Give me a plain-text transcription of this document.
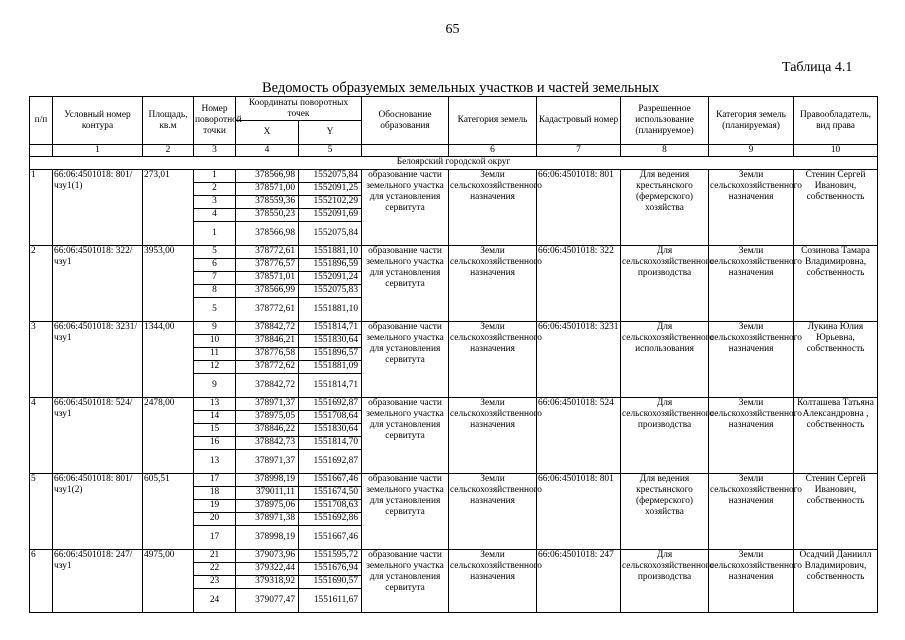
65
Таблица 4.1
Ведомость образуемых земельных участков и частей земельных
п/п	Условный номер контура	Площадь, кв.м	Номер поворотной точки	Координаты поворотных точек		Обоснование образования	Категория земель	Кадастровый номер	Разрешенное использование (планируемое)	Категория земель (планируемая)	Правообладатель, вид права
				X	Y						
	1	2	3	4	5		6	7	8	9	10
Белоярский городской округ											
1	66:06:4501018: 801/чзу1(1)	273,01	1	378566,98	1552075,84	образование части земельного участка для установления сервитута	Земли сельскохозяйственного назначения	66:06:4501018: 801	Для ведения крестьянского (фермерского) хозяйства	Земли сельскохозяйственного назначения	Стенин Сергей Иванович, собственность
			2	378571,00	1552091,25						
			3	378559,36	1552102,29						
			4	378550,23	1552091,69						
			1	378566,98	1552075,84						
2	66:06:4501018: 322/чзу1	3953,00	5	378772,61	1551881,10	образование части земельного участка для установления сервитута	Земли сельскохозяйственного назначения	66:06:4501018: 322	Для сельскохозяйственного производства	Земли сельскохозяйственного назначения	Созинова Тамара Владимировна, собственность
			6	378776,57	1551896,59						
			7	378571,01	1552091,24						
			8	378566,99	1552075,83						
			5	378772,61	1551881,10						
3	66:06:4501018: 3231/чзу1	1344,00	9	378842,72	1551814,71	образование части земельного участка для установления сервитута	Земли сельскохозяйственного назначения	66:06:4501018: 3231	Для сельскохозяйственного использования	Земли сельскохозяйственного назначения	Лукина Юлия Юрьевна, собственность
			10	378846,21	1551830,64						
			11	378776,58	1551896,57						
			12	378772,62	1551881,09						
			9	378842,72	1551814,71						
4	66:06:4501018: 524/чзу1	2478,00	13	378971,37	1551692,87	образование части земельного участка для установления сервитута	Земли сельскохозяйственного назначения	66:06:4501018: 524	Для сельскохозяйственного производства	Земли сельскохозяйственного назначения	Колташева Татьяна Александровна , собственность
			14	378975,05	1551708,64						
			15	378846,22	1551830,64						
			16	378842,73	1551814,70						
			13	378971,37	1551692,87						
5	66:06:4501018: 801/чзу1(2)	605,51	17	378998,19	1551667,46	образование части земельного участка для установления сервитута	Земли сельскохозяйственного назначения	66:06:4501018: 801	Для ведения крестьянского (фермерского) хозяйства	Земли сельскохозяйственного назначения	Стенин Сергей Иванович, собственность
			18	379011,11	1551674,50						
			19	378975,06	1551708,63						
			20	378971,38	1551692,86						
			17	378998,19	1551667,46						
6	66:06:4501018: 247/чзу1	4975,00	21	379073,96	1551595,72	образование части земельного участка для установления сервитута	Земли сельскохозяйственного назначения	66:06:4501018: 247	Для сельскохозяйственного производства	Земли сельскохозяйственного назначения	Осадчий Даниилл Владимирович, собственность
			22	379322,44	1551676,94						
			23	379318,92	1551690,57						
			24	379077,47	1551611,67						
